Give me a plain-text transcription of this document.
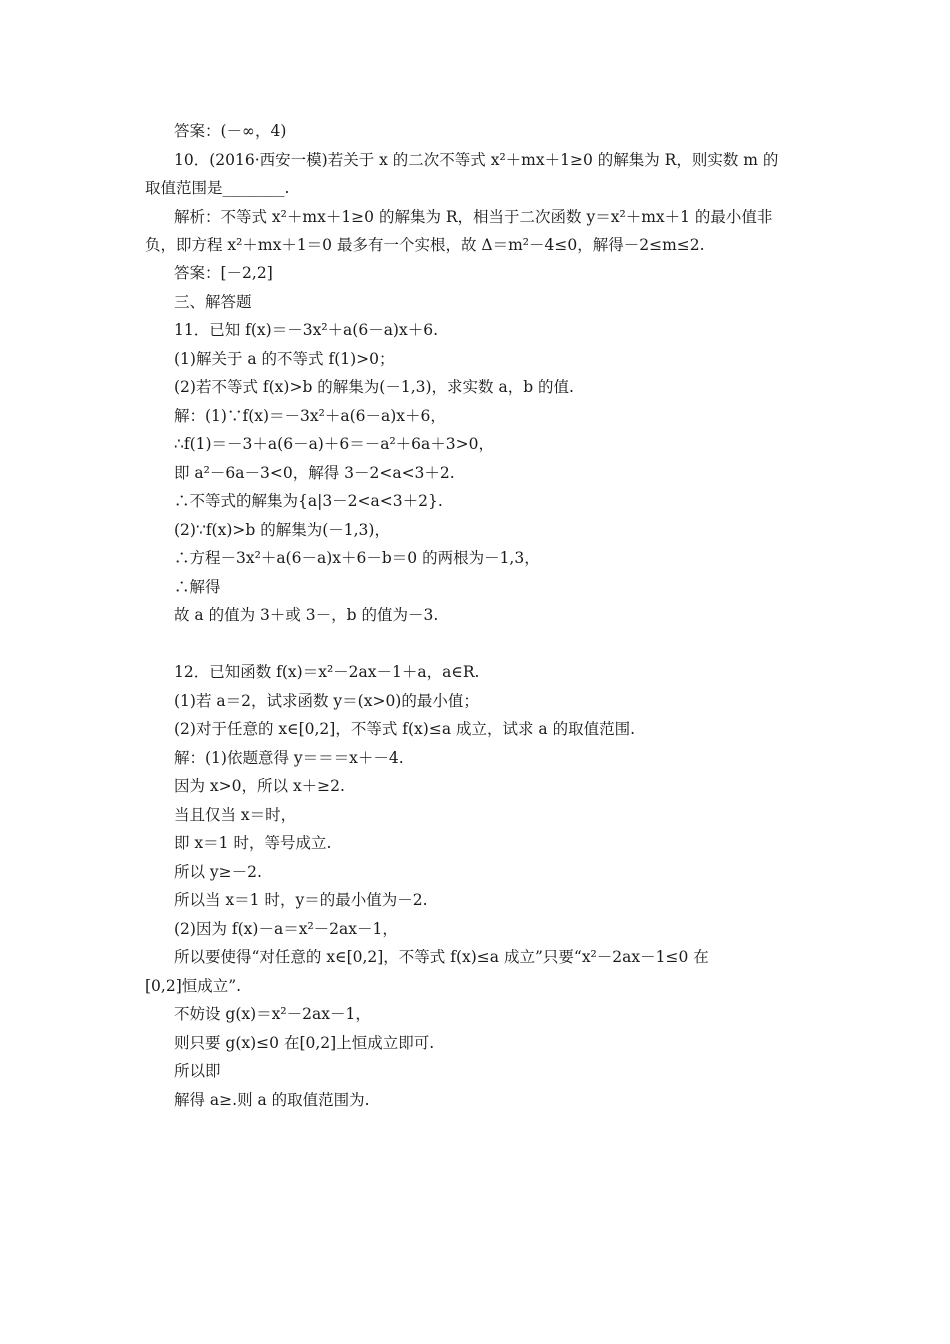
答案：(－∞，4)
10．(2016·西安一模)若关于 x 的二次不等式 x²＋mx＋1≥0 的解集为 R，则实数 m 的
取值范围是________.
解析：不等式 x²＋mx＋1≥0 的解集为 R，相当于二次函数 y＝x²＋mx＋1 的最小值非
负，即方程 x²＋mx＋1＝0 最多有一个实根，故 Δ＝m²－4≤0，解得－2≤m≤2.
答案：[－2,2]
三、解答题
11．已知 f(x)＝－3x²＋a(6－a)x＋6.
(1)解关于 a 的不等式 f(1)>0；
(2)若不等式 f(x)>b 的解集为(－1,3)，求实数 a，b 的值.
解：(1)∵f(x)＝－3x²＋a(6－a)x＋6，
∴f(1)＝－3＋a(6－a)＋6＝－a²＋6a＋3>0，
即 a²－6a－3<0，解得 3－2<a<3＋2.
∴不等式的解集为{a|3－2<a<3＋2}.
(2)∵f(x)>b 的解集为(－1,3)，
∴方程－3x²＋a(6－a)x＋6－b＝0 的两根为－1,3，
∴解得
故 a 的值为 3＋或 3－，b 的值为－3.
12．已知函数 f(x)＝x²－2ax－1＋a，a∈R.
(1)若 a＝2，试求函数 y＝(x>0)的最小值；
(2)对于任意的 x∈[0,2]，不等式 f(x)≤a 成立，试求 a 的取值范围.
解：(1)依题意得 y＝＝＝x＋－4.
因为 x>0，所以 x＋≥2.
当且仅当 x＝时，
即 x＝1 时，等号成立.
所以 y≥－2.
所以当 x＝1 时，y＝的最小值为－2.
(2)因为 f(x)－a＝x²－2ax－1，
所以要使得“对任意的 x∈[0,2]，不等式 f(x)≤a 成立”只要“x²－2ax－1≤0 在
[0,2]恒成立”.
不妨设 g(x)＝x²－2ax－1，
则只要 g(x)≤0 在[0,2]上恒成立即可.
所以即
解得 a≥.则 a 的取值范围为.
